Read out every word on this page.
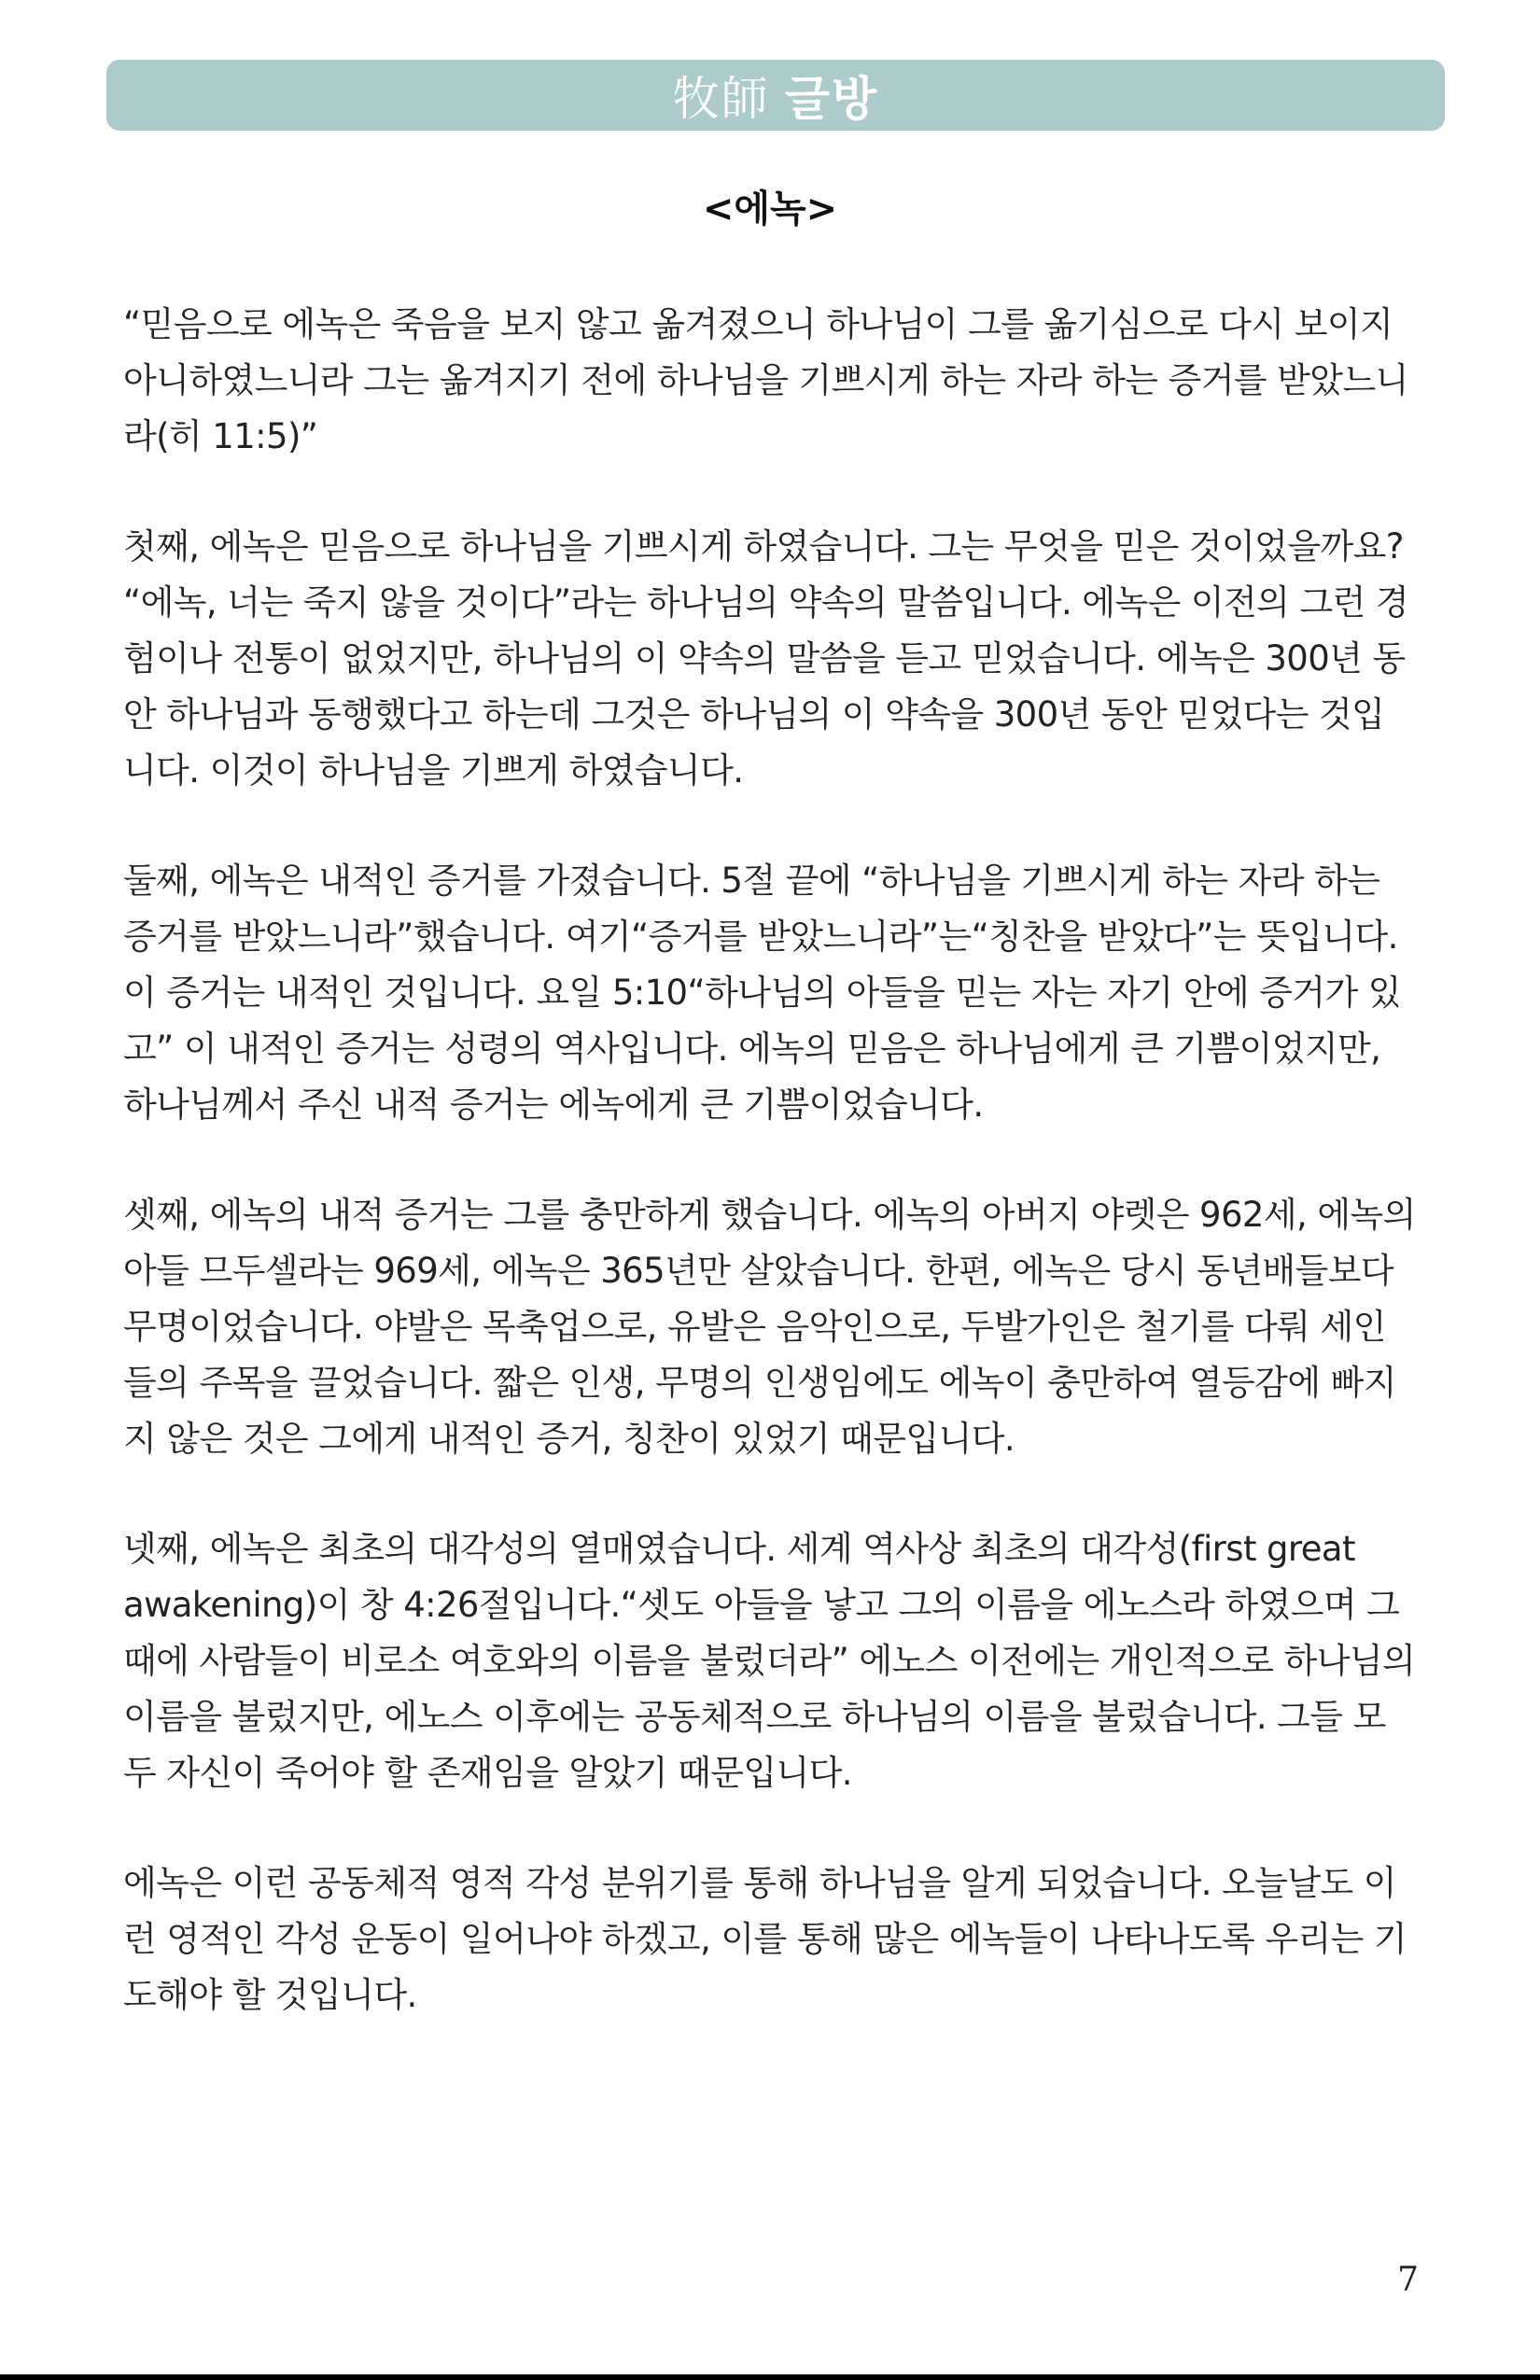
牧師 글방
<에녹>

“믿음으로 에녹은 죽음을 보지 않고 옮겨졌으니 하나님이 그를 옮기심으로 다시 보이지 아니하였느니라 그는 옮겨지기 전에 하나님을 기쁘시게 하는 자라 하는 증거를 받았느니라(히 11:5)”

첫째, 에녹은 믿음으로 하나님을 기쁘시게 하였습니다. 그는 무엇을 믿은 것이었을까요? “에녹, 너는 죽지 않을 것이다”라는 하나님의 약속의 말씀입니다. 에녹은 이전의 그런 경험이나 전통이 없었지만, 하나님의 이 약속의 말씀을 듣고 믿었습니다. 에녹은 300년 동안 하나님과 동행했다고 하는데 그것은 하나님의 이 약속을 300년 동안 믿었다는 것입니다. 이것이 하나님을 기쁘게 하였습니다.

둘째, 에녹은 내적인 증거를 가졌습니다. 5절 끝에 “하나님을 기쁘시게 하는 자라 하는 증거를 받았느니라”했습니다. 여기“증거를 받았느니라”는“칭찬을 받았다”는 뜻입니다. 이 증거는 내적인 것입니다. 요일 5:10“하나님의 아들을 믿는 자는 자기 안에 증거가 있고” 이 내적인 증거는 성령의 역사입니다. 에녹의 믿음은 하나님에게 큰 기쁨이었지만, 하나님께서 주신 내적 증거는 에녹에게 큰 기쁨이었습니다.

셋째, 에녹의 내적 증거는 그를 충만하게 했습니다. 에녹의 아버지 야렛은 962세, 에녹의 아들 므두셀라는 969세, 에녹은 365년만 살았습니다. 한편, 에녹은 당시 동년배들보다 무명이었습니다. 야발은 목축업으로, 유발은 음악인으로, 두발가인은 철기를 다뤄 세인들의 주목을 끌었습니다. 짧은 인생, 무명의 인생임에도 에녹이 충만하여 열등감에 빠지지 않은 것은 그에게 내적인 증거, 칭찬이 있었기 때문입니다.

넷째, 에녹은 최초의 대각성의 열매였습니다. 세계 역사상 최초의 대각성(first great awakening)이 창 4:26절입니다.“셋도 아들을 낳고 그의 이름을 에노스라 하였으며 그때에 사람들이 비로소 여호와의 이름을 불렀더라” 에노스 이전에는 개인적으로 하나님의 이름을 불렀지만, 에노스 이후에는 공동체적으로 하나님의 이름을 불렀습니다. 그들 모두 자신이 죽어야 할 존재임을 알았기 때문입니다.

에녹은 이런 공동체적 영적 각성 분위기를 통해 하나님을 알게 되었습니다. 오늘날도 이런 영적인 각성 운동이 일어나야 하겠고, 이를 통해 많은 에녹들이 나타나도록 우리는 기도해야 할 것입니다.

7
